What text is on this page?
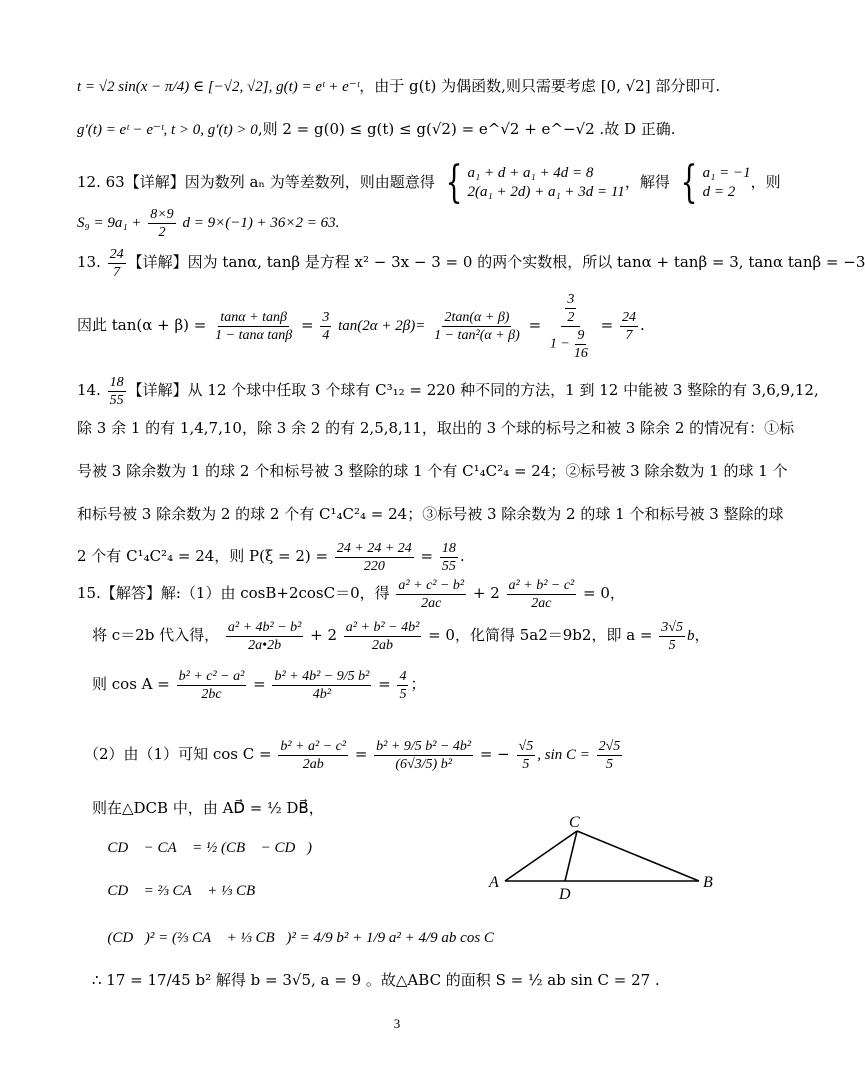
t = √2 sin(x − π/4) ∈ [−√2, √2], g(t) = eᵗ + e⁻ᵗ，由于 g(t) 为偶函数,则只需要考虑 [0, √2] 部分即可.
g′(t) = eᵗ − e⁻ᵗ, t > 0, g′(t) > 0,则 2 = g(0) ≤ g(t) ≤ g(√2) = e^√2 + e^−√2 .故 D 正确.
12. 63【详解】因为数列 aₙ 为等差数列，则由题意得 { a₁ + d + a₁ + 4d = 8
2(a₁ + 2d) + a₁ + 3d = 11
，解得 { a₁ = −1
d = 2
，则
$S_9 = 9a_1 + \frac{8\times 9}{2}$ d = 9×(−1) + 36×2 = 63.
13. $\frac{24}{7}$ 【详解】因为 tanα, tanβ 是方程 x² − 3x − 3 = 0 的两个实数根，所以 tanα + tanβ = 3, tanα tanβ = −3
因此 $\tan(\alpha + \beta) = \frac{\tan\alpha + \tan\beta}{\text{1 − tanα tanβ}} = \frac{3}{4} \tan(2\alpha + 2\beta)= \frac{2\tan(\alpha + \beta)}{\text{1 − tan²(α + β)}} = \frac{\frac{3}{2}}{1 - \frac{9}{16}} = \frac{24}{7}$ .
14. $\frac{18}{55}$ 【详解】从 12 个球中任取 3 个球有 C³₁₂ = 220 种不同的方法，1 到 12 中能被 3 整除的有 3,6,9,12,
除 3 余 1 的有 1,4,7,10，除 3 余 2 的有 2,5,8,11，取出的 3 个球的标号之和被 3 除余 2 的情况有：①标
号被 3 除余数为 1 的球 2 个和标号被 3 整除的球 1 个有 C¹₄C²₄ = 24；②标号被 3 除余数为 1 的球 1 个
和标号被 3 除余数为 2 的球 2 个有 C¹₄C²₄ = 24；③标号被 3 除余数为 2 的球 1 个和标号被 3 整除的球
2 个有 C¹₄C²₄ = 24，则 $P(\xi = 2) = \frac{24 + 24 + 24}{220} = \frac{18}{55}$ .
15.【解答】解:（1）由 cosB+2cosC＝0，得 $\frac{\text{a² + c² − b²}}{2ac} + 2 \frac{\text{a² + b² − c²}}{2ac} = 0$，
将 c＝2b 代入得， $\frac{\text{a² + 4b² − b²}}{2a•2b} + 2 \frac{\text{a² + b² − 4b²}}{2ab} = 0$，化简得 5a2＝9b2，即 $a = \frac{3√5}{5}$ b，
则 $\cos A = \frac{\text{b² + c² − a²}}{2bc} = \frac{\text{b² + 4b² − 9/5 b²}}{\text{4b²}} = \frac{4}{5}$ ；
（2）由（1）可知 $\cos C = \frac{\text{b² + a² − c²}}{2ab} = \frac{\text{b² + 9/5 b² − 4b²}}{\text{(6√3/5) b²}}$ = − $\frac{√5}{5}$ , $\sin C = \frac{2√5}{5}$
则在△DCB 中，由 AD⃗ = ½ DB⃗，
∴ CD⃗ − CA⃗ = ½ (CB⃗ − CD⃗)
∴ CD⃗ = ⅔ CA⃗ + ⅓ CB⃗
∴ (CD⃗)² = (⅔ CA⃗ + ⅓ CB⃗)² = 4/9 b² + 1/9 a² + 4/9 ab cos C
∴ 17 = 17/45 b² 解得 b = 3√5, a = 9 。故△ABC 的面积 S = ½ ab sin C = 27 .
C
A	B
D
3
